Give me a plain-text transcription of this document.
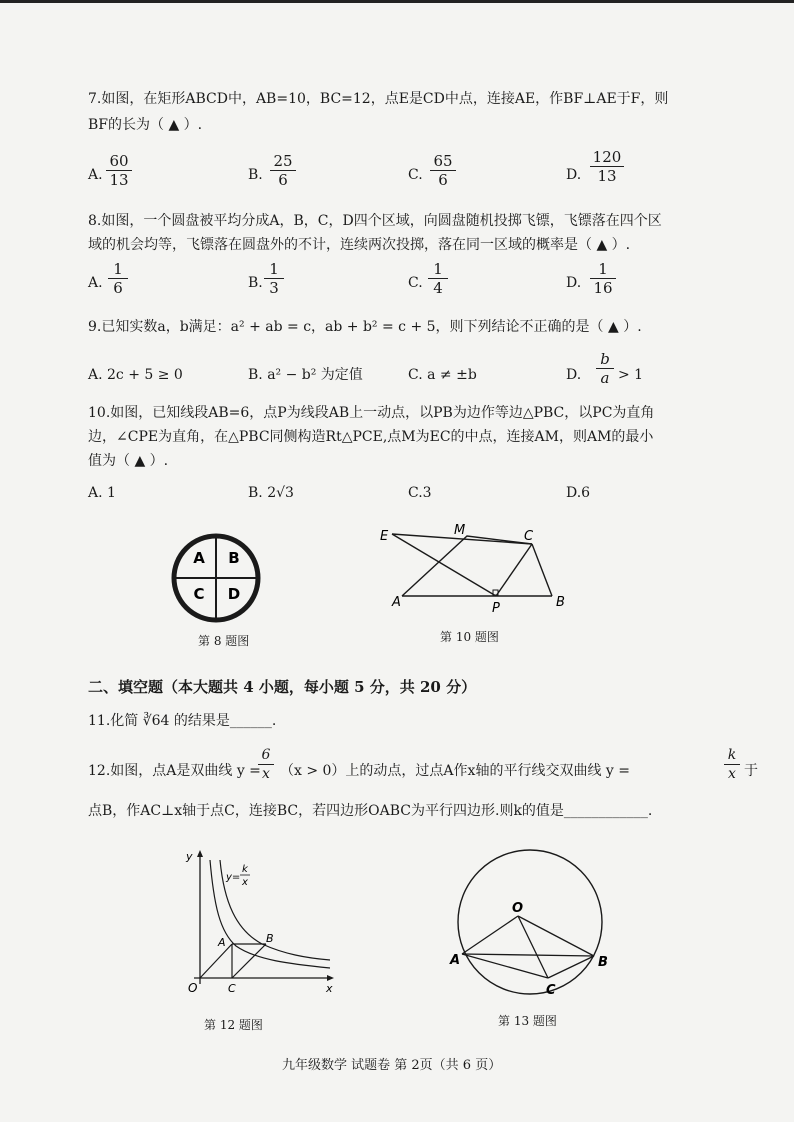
7.如图，在矩形ABCD中，AB=10，BC=12，点E是CD中点，连接AE，作BF⊥AE于F，则
BF的长为（ ▲ ）.
A. $\frac{60}{13}$	B. $\frac{25}{6}$	C. $\frac{65}{6}$	D. $\frac{120}{13}$
8.如图，一个圆盘被平均分成A，B，C，D四个区域，向圆盘随机投掷飞镖，飞镖落在四个区
域的机会均等，飞镖落在圆盘外的不计，连续两次投掷，落在同一区域的概率是（ ▲ ）.
A. $\frac{1}{6}$	B. $\frac{1}{3}$	C. $\frac{1}{4}$	D. $\frac{1}{16}$
9.已知实数a，b满足：a² + ab = c，ab + b² = c + 5，则下列结论不正确的是（ ▲ ）.
A. 2c + 5 ≥ 0	B. a² − b² 为定值	C. a ≠ ±b	D. $\frac{b}{a} > 1$
10.如图，已知线段AB=6，点P为线段AB上一动点，以PB为边作等边△PBC，以PC为直角
边，∠CPE为直角，在△PBC同侧构造Rt△PCE,点M为EC的中点，连接AM，则AM的最小
值为（ ▲ ）.
A. 1	B. 2√3	C.3	D.6
A B
C D
第 8 题图
E	M	C
A	P	B
第 10 题图
二、填空题（本大题共 4 小题，每小题 5 分，共 20 分）
11.化简 ∛64 的结果是______.
12.如图，点A是双曲线 y =
$\frac{6}{x} (x > 0)$上的动点，过点A作x轴的平行线交双曲线 y =	$\frac{k}{x}$ 于
点B，作AC⊥x轴于点C，连接BC，若四边形OABC为平行四边形.则k的值是____________.
y
x
O
A	B
C
y=
k
x
第 12 题图
O
A	B
C
第 13 题图
九年级数学 试题卷 第 2页（共 6 页）
